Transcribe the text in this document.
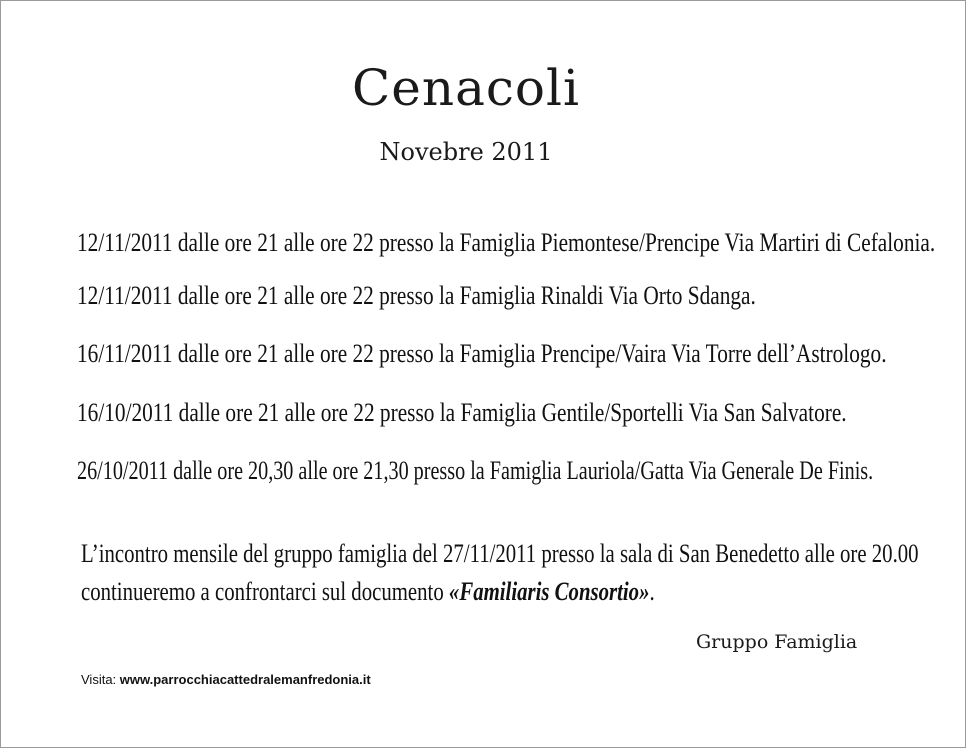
Cenacoli
Novebre 2011
12/11/2011 dalle ore 21 alle ore 22 presso la Famiglia Piemontese/Prencipe Via Martiri di Cefalonia.
12/11/2011 dalle ore 21 alle ore 22 presso la Famiglia Rinaldi Via Orto Sdanga.
16/11/2011 dalle ore 21 alle ore 22 presso la Famiglia Prencipe/Vaira Via Torre dell’Astrologo.
16/10/2011 dalle ore 21 alle ore 22 presso la Famiglia Gentile/Sportelli Via San Salvatore.
26/10/2011 dalle ore 20,30 alle ore 21,30 presso la Famiglia Lauriola/Gatta Via Generale De Finis.
L’incontro mensile del gruppo famiglia del 27/11/2011 presso la sala di San Benedetto alle ore 20.00
continueremo a confrontarci sul documento «Familiaris Consortio».
Gruppo Famiglia
Visita: www.parrocchiacattedralemanfredonia.it
